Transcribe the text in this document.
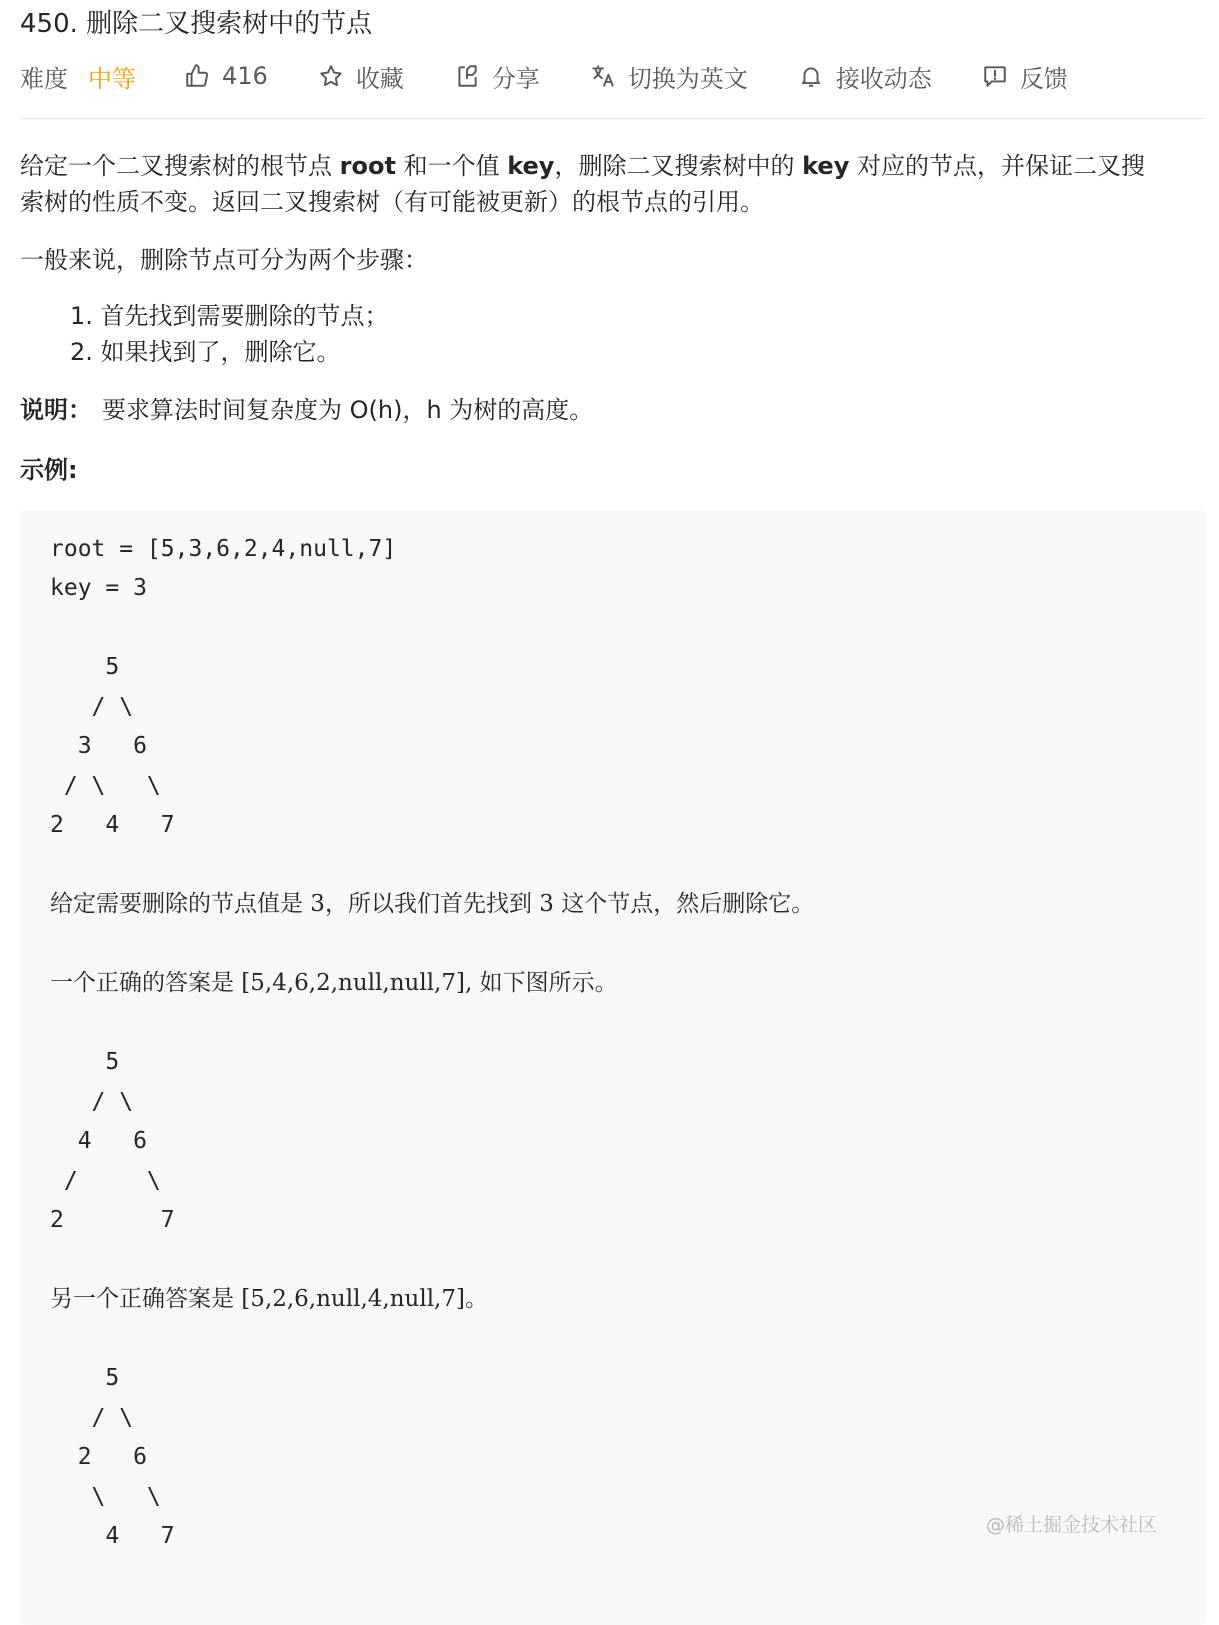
450. 删除二叉搜索树中的节点
难度 中等	416	收藏	分享	切换为英文	接收动态	反馈

给定一个二叉搜索树的根节点 root 和一个值 key，删除二叉搜索树中的 key 对应的节点，并保证二叉搜
索树的性质不变。返回二叉搜索树（有可能被更新）的根节点的引用。

一般来说，删除节点可分为两个步骤：

1. 首先找到需要删除的节点；
2. 如果找到了，删除它。
说明： 要求算法时间复杂度为 O(h)，h 为树的高度。
示例:
root = [5,3,6,2,4,null,7]
key = 3
5
/ \
3   6
/ \   \
2   4   7
给定需要删除的节点值是 3，所以我们首先找到 3 这个节点，然后删除它。
一个正确的答案是 [5,4,6,2,null,null,7], 如下图所示。
5
/ \
4   6
/     \
2       7
另一个正确答案是 [5,2,6,null,4,null,7]。
5
/ \
2   6
\   \
4   7	@稀土掘金技术社区
